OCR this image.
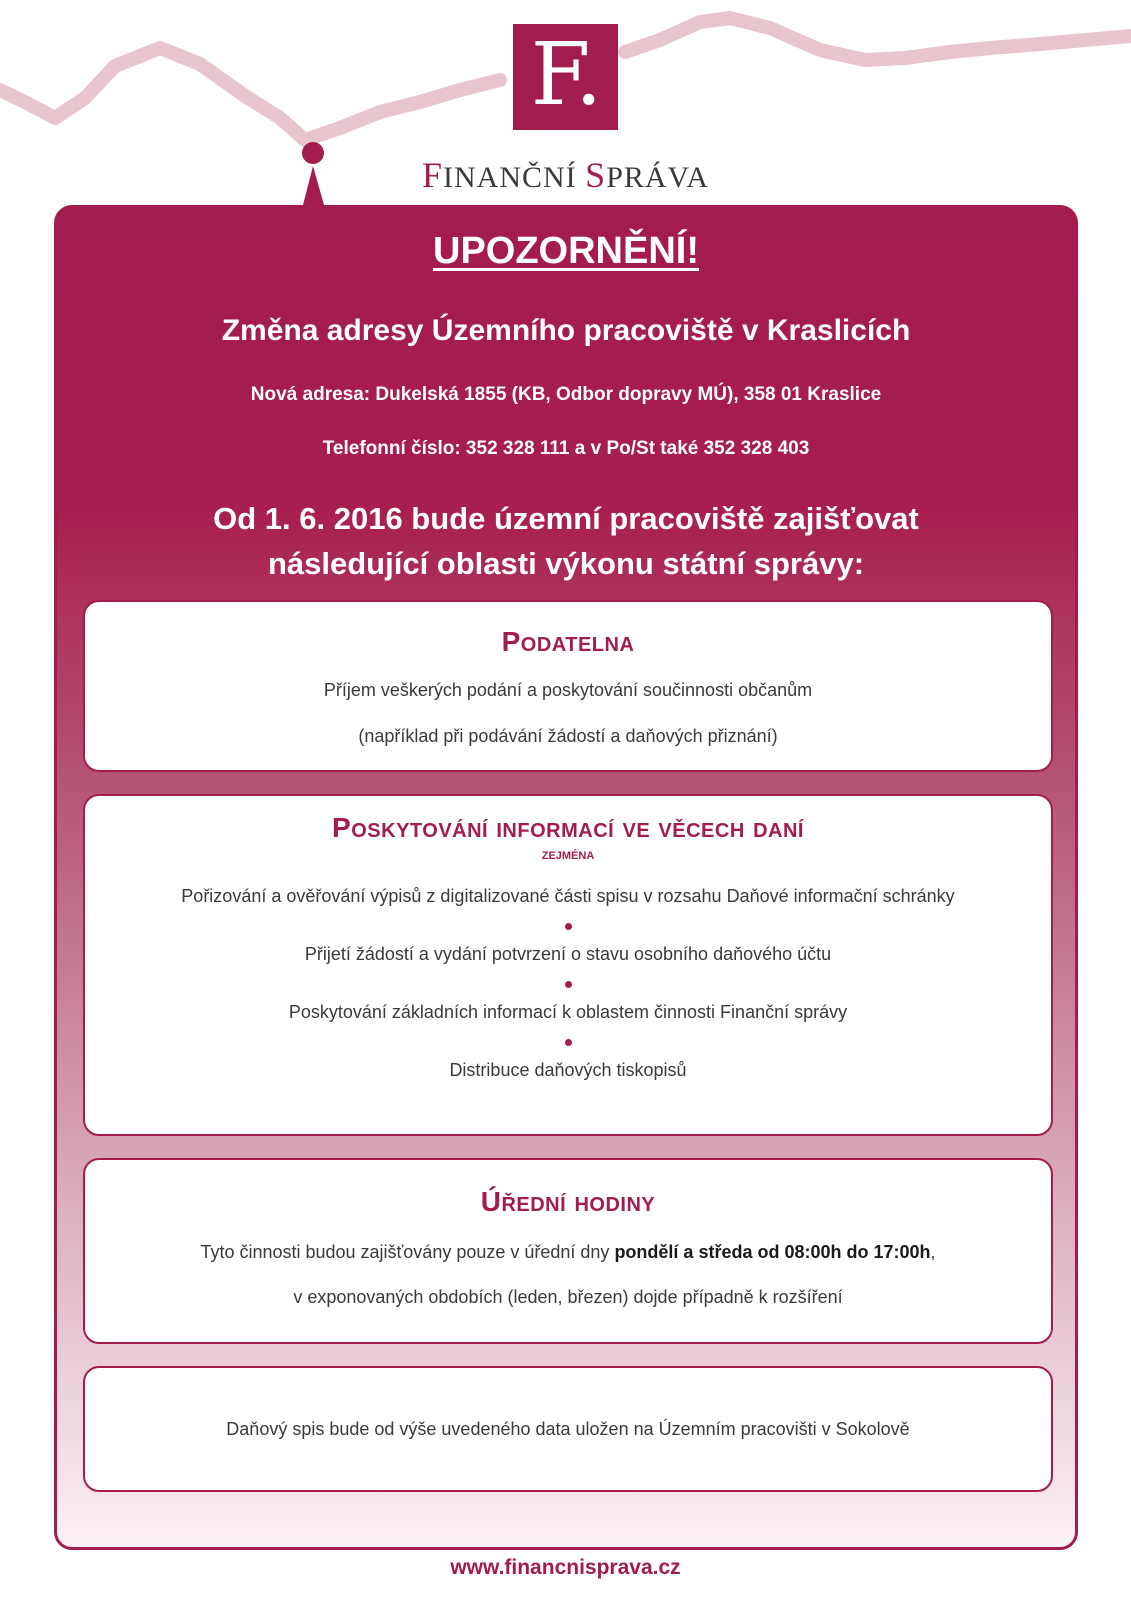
F.
FINANČNÍ SPRÁVA
UPOZORNĚNÍ!
Změna adresy Územního pracoviště v Kraslicích
Nová adresa: Dukelská 1855 (KB, Odbor dopravy MÚ), 358 01 Kraslice
Telefonní číslo: 352 328 111 a v Po/St také 352 328 403
Od 1. 6. 2016 bude územní pracoviště zajišťovat
následující oblasti výkonu státní správy:
Podatelna
Příjem veškerých podání a poskytování součinnosti občanům
(například při podávání žádostí a daňových přiznání)
Poskytování informací ve věcech daní
zejména
Pořizování a ověřování výpisů z digitalizované části spisu v rozsahu Daňové informační schránky
Přijetí žádostí a vydání potvrzení o stavu osobního daňového účtu
Poskytování základních informací k oblastem činnosti Finanční správy
Distribuce daňových tiskopisů
Úřední hodiny
Tyto činnosti budou zajišťovány pouze v úřední dny pondělí a středa od 08:00h do 17:00h,
v exponovaných obdobích (leden, březen) dojde případně k rozšíření
Daňový spis bude od výše uvedeného data uložen na Územním pracovišti v Sokolově
www.financnisprava.cz
